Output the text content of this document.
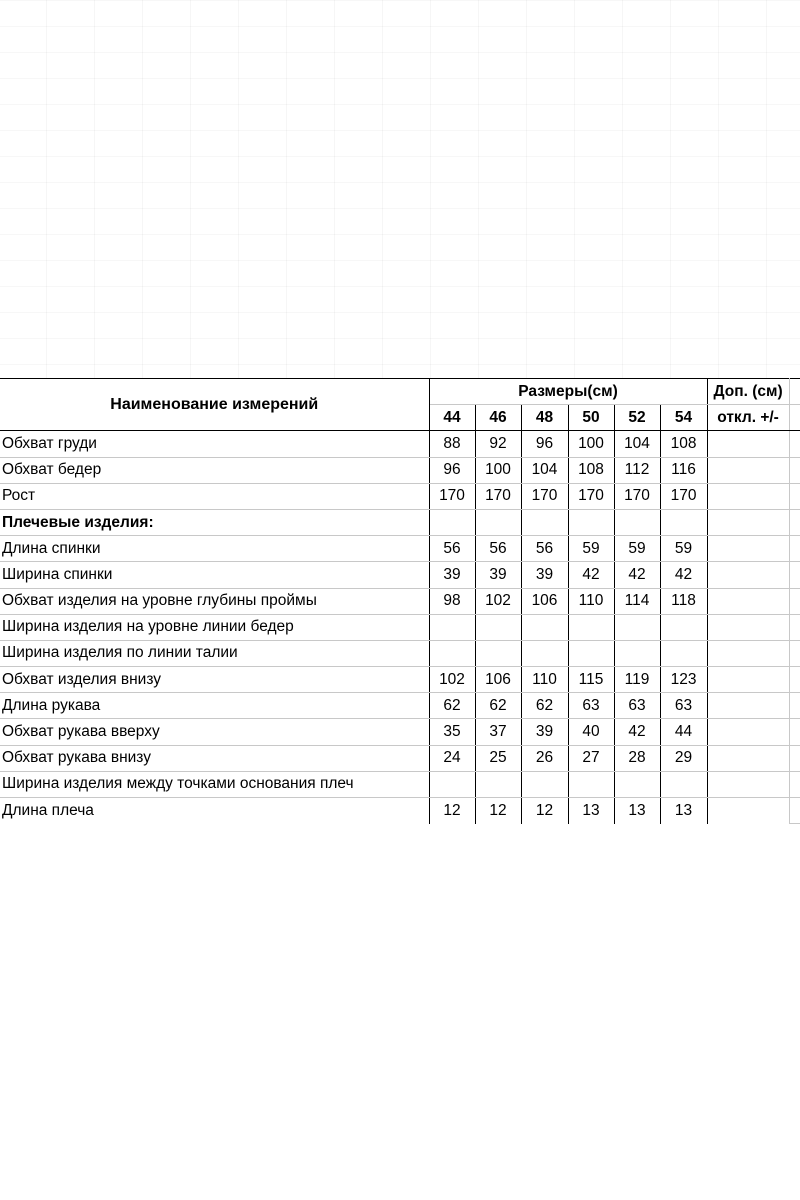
Наименование измерений	Размеры(см)						Доп. (см)	
	44	46	48	50	52	54	откл. +/-	
Обхват груди	88	92	96	100	104	108		
Обхват бедер	96	100	104	108	112	116		
Рост	170	170	170	170	170	170		
Плечевые изделия:								
Длина спинки	56	56	56	59	59	59		
Ширина спинки	39	39	39	42	42	42		
Обхват изделия на уровне глубины проймы	98	102	106	110	114	118		
Ширина изделия на уровне линии бедер								
Ширина изделия по линии талии								
Обхват изделия внизу	102	106	110	115	119	123		
Длина рукава	62	62	62	63	63	63		
Обхват рукава вверху	35	37	39	40	42	44		
Обхват рукава внизу	24	25	26	27	28	29		
Ширина изделия между точками основания плеч								
Длина плеча	12	12	12	13	13	13		
